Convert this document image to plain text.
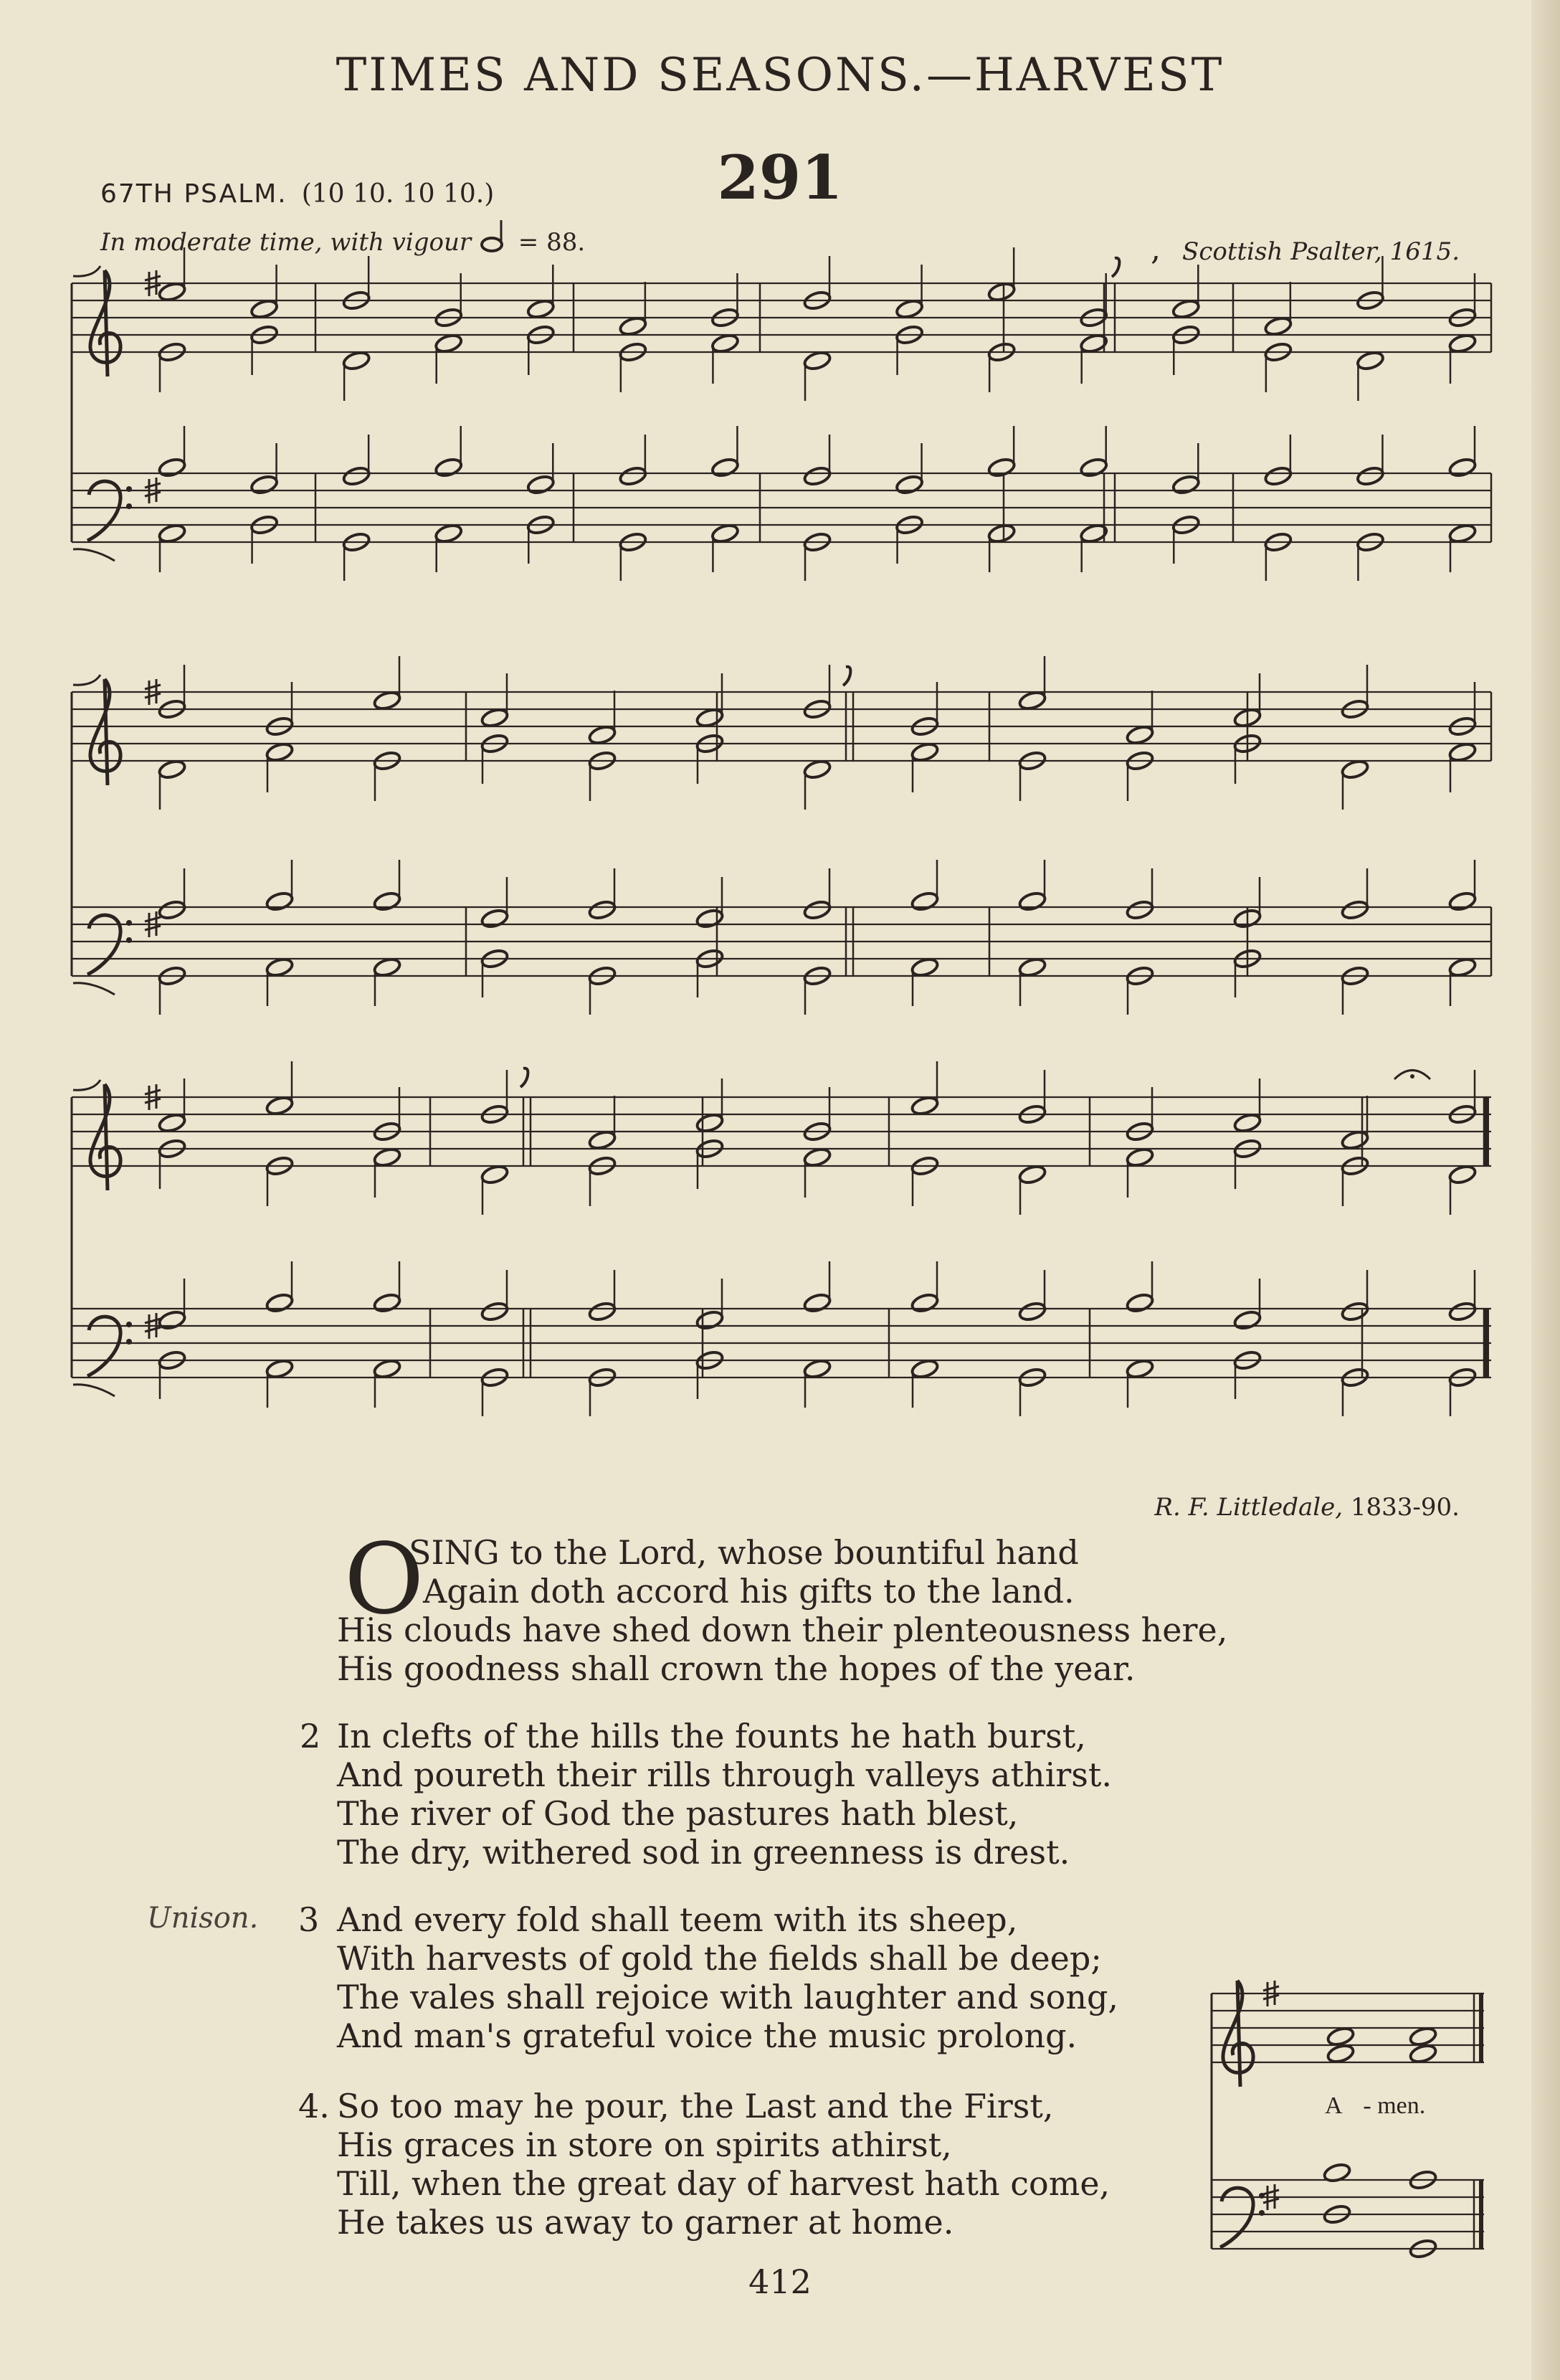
TIMES AND SEASONS.—HARVEST
291
67TH PSALM. (10 10. 10 10.)
In moderate time, with vigour = 88.	, Scottish Psalter, 1615.
R. F. Littledale, 1833-90.
O
SING to the Lord, whose bountiful hand
Again doth accord his gifts to the land.
His clouds have shed down their plenteousness here,
His goodness shall crown the hopes of the year.
2 In clefts of the hills the founts he hath burst,
And poureth their rills through valleys athirst.
The river of God the pastures hath blest,
The dry, withered sod in greenness is drest.
Unison. 3 And every fold shall teem with its sheep,
With harvests of gold the fields shall be deep;
The vales shall rejoice with laughter and song,
And man's grateful voice the music prolong.
4. So too may he pour, the Last and the First,
His graces in store on spirits athirst,
Till, when the great day of harvest hath come,
He takes us away to garner at home.
A - men.
412
